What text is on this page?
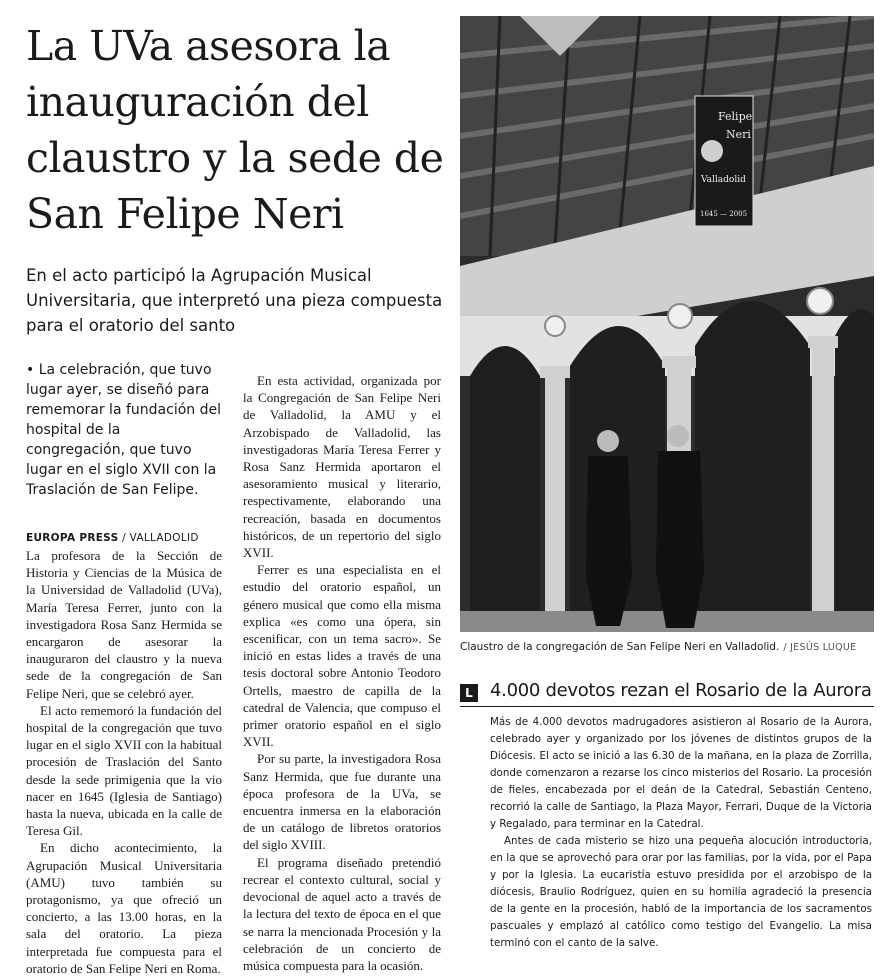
La UVa asesora la inauguración del claustro y la sede de San Felipe Neri

En el acto participó la Agrupación Musical Universitaria, que interpretó una pieza compuesta para el oratorio del santo

• La celebración, que tuvo lugar ayer, se diseñó para rememorar la fundación del hospital de la congregación, que tuvo lugar en el siglo XVII con la Traslación de San Felipe.

EUROPA PRESS / VALLADOLID

La profesora de la Sección de Historia y Ciencias de la Música de la Universidad de Valladolid (UVa), María Teresa Ferrer, junto con la investigadora Rosa Sanz Hermida se encargaron de asesorar la inauguraron del claustro y la nueva sede de la congregación de San Felipe Neri, que se celebró ayer.

El acto rememoró la fundación del hospital de la congregación que tuvo lugar en el siglo XVII con la habitual procesión de Traslación del Santo desde la sede primigenia que la vio nacer en 1645 (Iglesia de Santiago) hasta la nueva, ubicada en la calle de Teresa Gil.

En dicho acontecimiento, la Agrupación Musical Universitaria (AMU) tuvo también su protagonismo, ya que ofreció un concierto, a las 13.00 horas, en la sala del oratorio. La pieza interpretada fue compuesta para el oratorio de San Felipe Neri en Roma.

En esta actividad, organizada por la Congregación de San Felipe Neri de Valladolid, la AMU y el Arzobispado de Valladolid, las investigadoras María Teresa Ferrer y Rosa Sanz Hermida aportaron el asesoramiento musical y literario, respectivamente, elaborando una recreación, basada en documentos históricos, de un repertorio del siglo XVII.

Ferrer es una especialista en el estudio del oratorio español, un género musical que como ella misma explica «es como una ópera, sin escenificar, con un tema sacro». Se inició en estas lides a través de una tesis doctoral sobre Antonio Teodoro Ortells, maestro de capilla de la catedral de Valencia, que compuso el primer oratorio español en el siglo XVII.

Por su parte, la investigadora Rosa Sanz Hermida, que fue durante una época profesora de la UVa, se encuentra inmersa en la elaboración de un catálogo de libretos oratorios del siglo XVIII.

El programa diseñado pretendió recrear el contexto cultural, social y devocional de aquel acto a través de la lectura del texto de época en el que se narra la mencionada Procesión y la celebración de un concierto de música compuesta para la ocasión.

Felipe
Neri
Valladolid
1645 — 2005
Claustro de la congregación de San Felipe Neri en Valladolid. / JESÚS LUQUE
L 4.000 devotos rezan el Rosario de la Aurora

Más de 4.000 devotos madrugadores asistieron al Rosario de la Aurora, celebrado ayer y organizado por los jóvenes de distintos grupos de la Diócesis. El acto se inició a las 6.30 de la mañana, en la plaza de Zorrilla, donde comenzaron a rezarse los cinco misterios del Rosario. La procesión de fieles, encabezada por el deán de la Catedral, Sebastián Centeno, recorrió la calle de Santiago, la Plaza Mayor, Ferrari, Duque de la Victoria y Regalado, para terminar en la Catedral.

Antes de cada misterio se hizo una pequeña alocución introductoria, en la que se aprovechó para orar por las familias, por la vida, por el Papa y por la Iglesia. La eucaristía estuvo presidida por el arzobispo de la diócesis, Braulio Rodríguez, quien en su homilía agradeció la presencia de la gente en la procesión, habló de la importancia de los sacramentos pascuales y emplazó al católico como testigo del Evangelio. La misa terminó con el canto de la salve.
